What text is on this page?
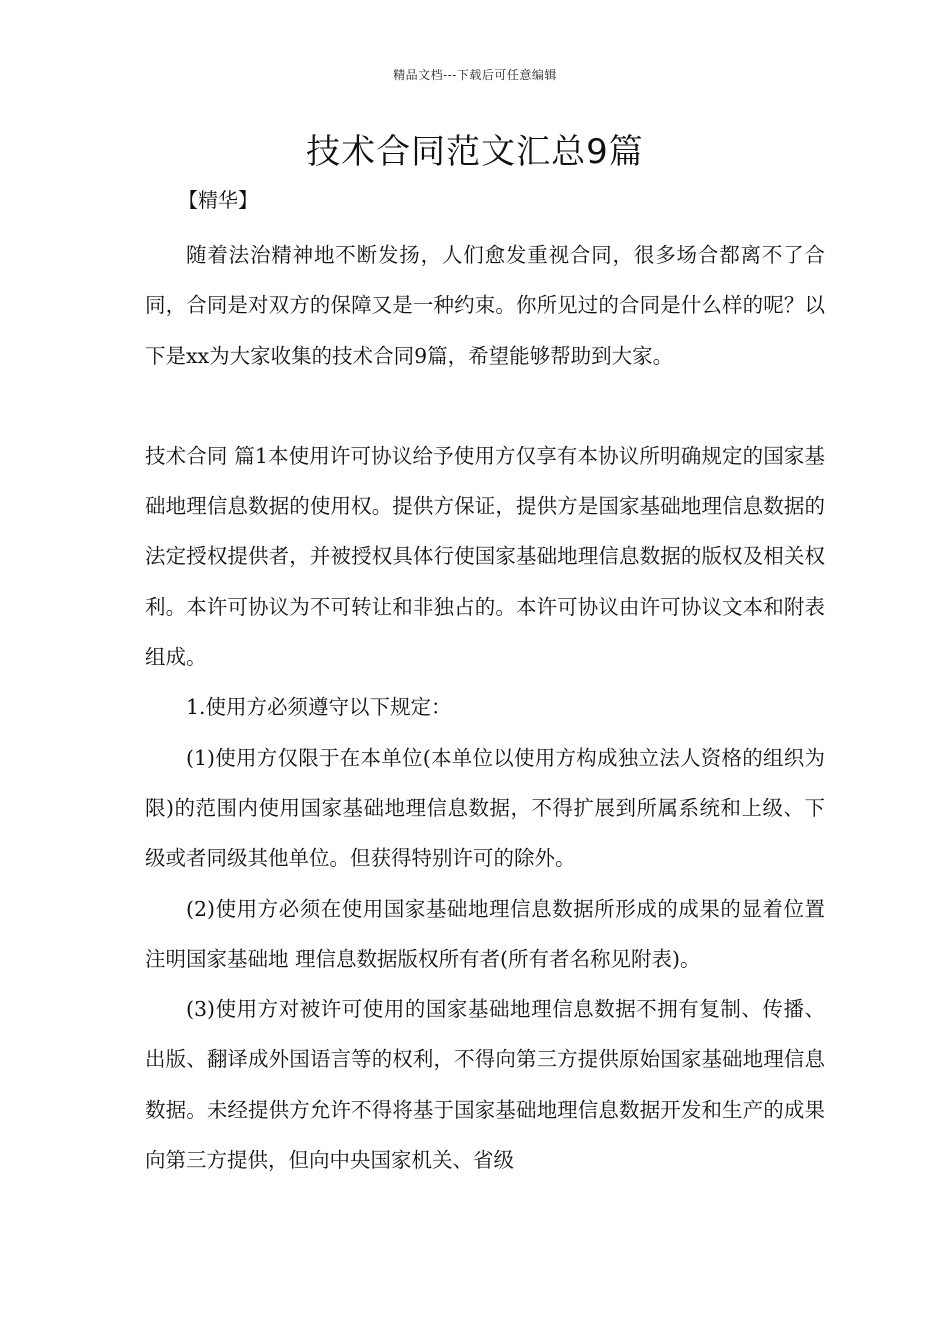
精品文档---下载后可任意编辑
技术合同范文汇总9篇
【精华】

随着法治精神地不断发扬，人们愈发重视合同，很多场合都离不了合同，合同是对双方的保障又是一种约束。你所见过的合同是什么样的呢？以下是xx为大家收集的技术合同9篇，希望能够帮助到大家。

技术合同 篇1本使用许可协议给予使用方仅享有本协议所明确规定的国家基础地理信息数据的使用权。提供方保证，提供方是国家基础地理信息数据的法定授权提供者，并被授权具体行使国家基础地理信息数据的版权及相关权利。本许可协议为不可转让和非独占的。本许可协议由许可协议文本和附表组成。

1.使用方必须遵守以下规定：

(1)使用方仅限于在本单位(本单位以使用方构成独立法人资格的组织为限)的范围内使用国家基础地理信息数据，不得扩展到所属系统和上级、下级或者同级其他单位。但获得特别许可的除外。

(2)使用方必须在使用国家基础地理信息数据所形成的成果的显着位置注明国家基础地 理信息数据版权所有者(所有者名称见附表)。

(3)使用方对被许可使用的国家基础地理信息数据不拥有复制、传播、出版、翻译成外国语言等的权利，不得向第三方提供原始国家基础地理信息数据。未经提供方允许不得将基于国家基础地理信息数据开发和生产的成果向第三方提供，但向中央国家机关、省级
